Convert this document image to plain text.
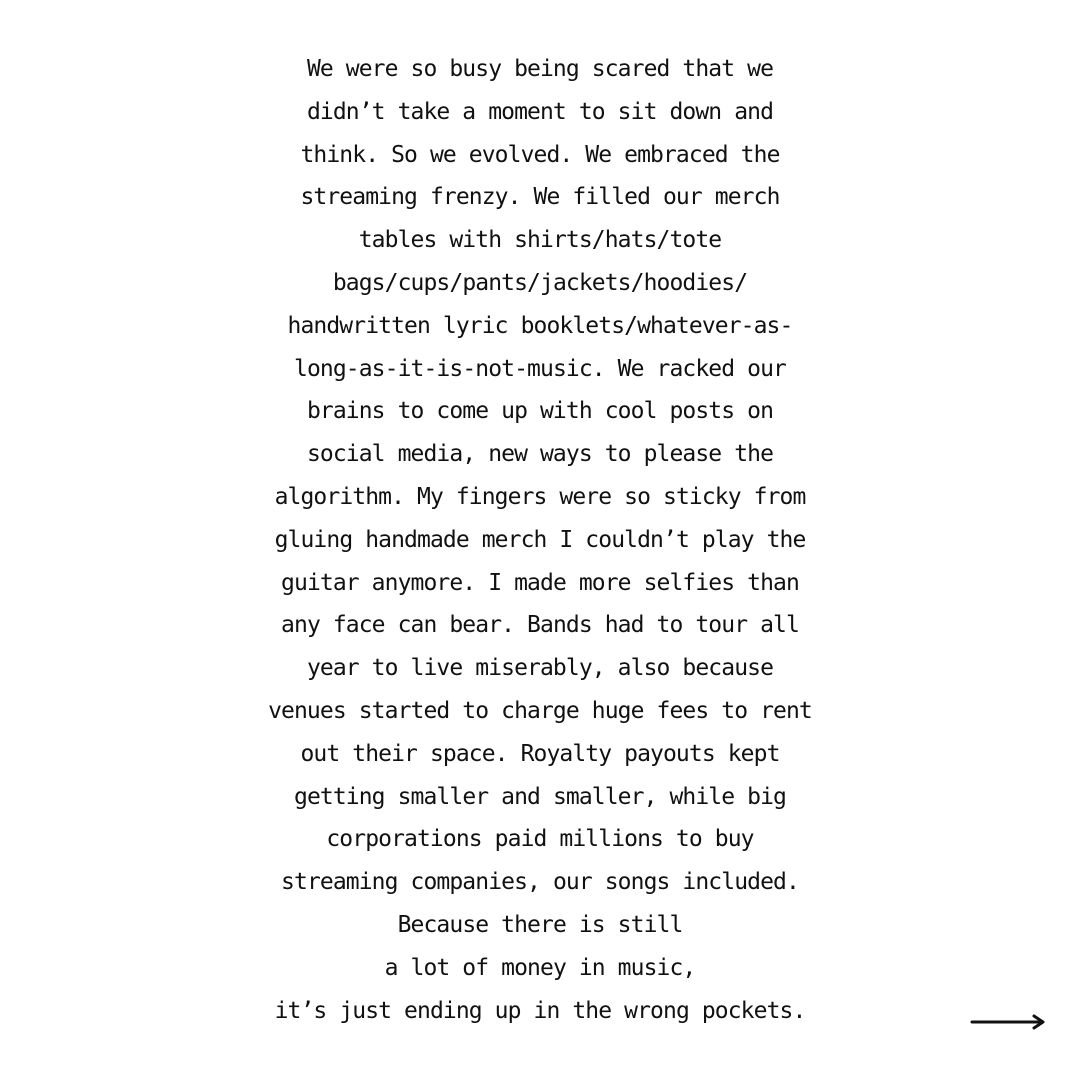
We were so busy being scared that we
didn’t take a moment to sit down and
think. So we evolved. We embraced the
streaming frenzy. We filled our merch
tables with shirts/hats/tote
bags/cups/pants/jackets/hoodies/
handwritten lyric booklets/whatever-as-
long-as-it-is-not-music. We racked our
brains to come up with cool posts on
social media, new ways to please the
algorithm. My fingers were so sticky from
gluing handmade merch I couldn’t play the
guitar anymore. I made more selfies than
any face can bear. Bands had to tour all
year to live miserably, also because
venues started to charge huge fees to rent
out their space. Royalty payouts kept
getting smaller and smaller, while big
corporations paid millions to buy
streaming companies, our songs included.
Because there is still
a lot of money in music,
it’s just ending up in the wrong pockets.
